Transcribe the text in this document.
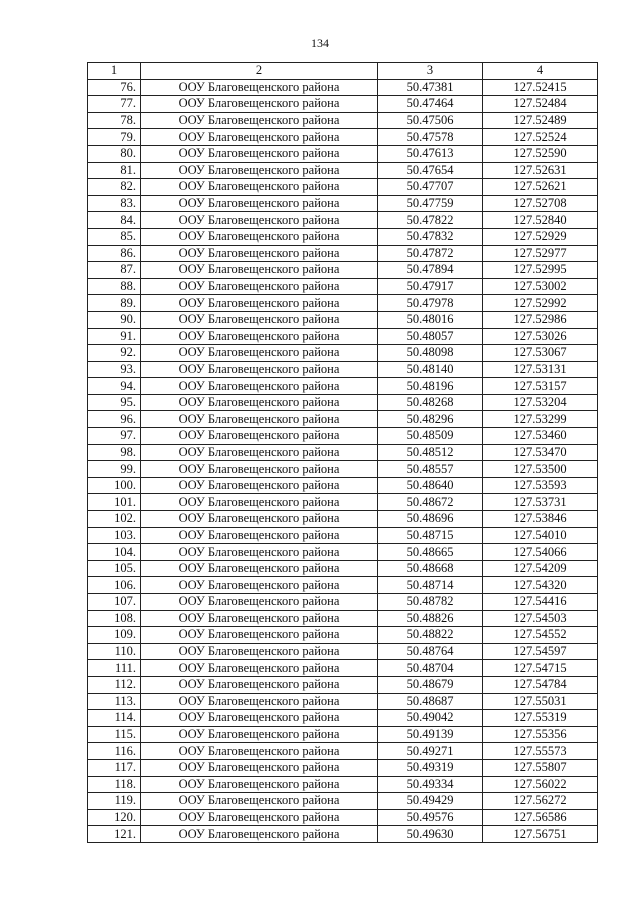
134
1	2	3	4
76.	ООУ Благовещенского района	50.47381	127.52415
77.	ООУ Благовещенского района	50.47464	127.52484
78.	ООУ Благовещенского района	50.47506	127.52489
79.	ООУ Благовещенского района	50.47578	127.52524
80.	ООУ Благовещенского района	50.47613	127.52590
81.	ООУ Благовещенского района	50.47654	127.52631
82.	ООУ Благовещенского района	50.47707	127.52621
83.	ООУ Благовещенского района	50.47759	127.52708
84.	ООУ Благовещенского района	50.47822	127.52840
85.	ООУ Благовещенского района	50.47832	127.52929
86.	ООУ Благовещенского района	50.47872	127.52977
87.	ООУ Благовещенского района	50.47894	127.52995
88.	ООУ Благовещенского района	50.47917	127.53002
89.	ООУ Благовещенского района	50.47978	127.52992
90.	ООУ Благовещенского района	50.48016	127.52986
91.	ООУ Благовещенского района	50.48057	127.53026
92.	ООУ Благовещенского района	50.48098	127.53067
93.	ООУ Благовещенского района	50.48140	127.53131
94.	ООУ Благовещенского района	50.48196	127.53157
95.	ООУ Благовещенского района	50.48268	127.53204
96.	ООУ Благовещенского района	50.48296	127.53299
97.	ООУ Благовещенского района	50.48509	127.53460
98.	ООУ Благовещенского района	50.48512	127.53470
99.	ООУ Благовещенского района	50.48557	127.53500
100.	ООУ Благовещенского района	50.48640	127.53593
101.	ООУ Благовещенского района	50.48672	127.53731
102.	ООУ Благовещенского района	50.48696	127.53846
103.	ООУ Благовещенского района	50.48715	127.54010
104.	ООУ Благовещенского района	50.48665	127.54066
105.	ООУ Благовещенского района	50.48668	127.54209
106.	ООУ Благовещенского района	50.48714	127.54320
107.	ООУ Благовещенского района	50.48782	127.54416
108.	ООУ Благовещенского района	50.48826	127.54503
109.	ООУ Благовещенского района	50.48822	127.54552
110.	ООУ Благовещенского района	50.48764	127.54597
111.	ООУ Благовещенского района	50.48704	127.54715
112.	ООУ Благовещенского района	50.48679	127.54784
113.	ООУ Благовещенского района	50.48687	127.55031
114.	ООУ Благовещенского района	50.49042	127.55319
115.	ООУ Благовещенского района	50.49139	127.55356
116.	ООУ Благовещенского района	50.49271	127.55573
117.	ООУ Благовещенского района	50.49319	127.55807
118.	ООУ Благовещенского района	50.49334	127.56022
119.	ООУ Благовещенского района	50.49429	127.56272
120.	ООУ Благовещенского района	50.49576	127.56586
121.	ООУ Благовещенского района	50.49630	127.56751
